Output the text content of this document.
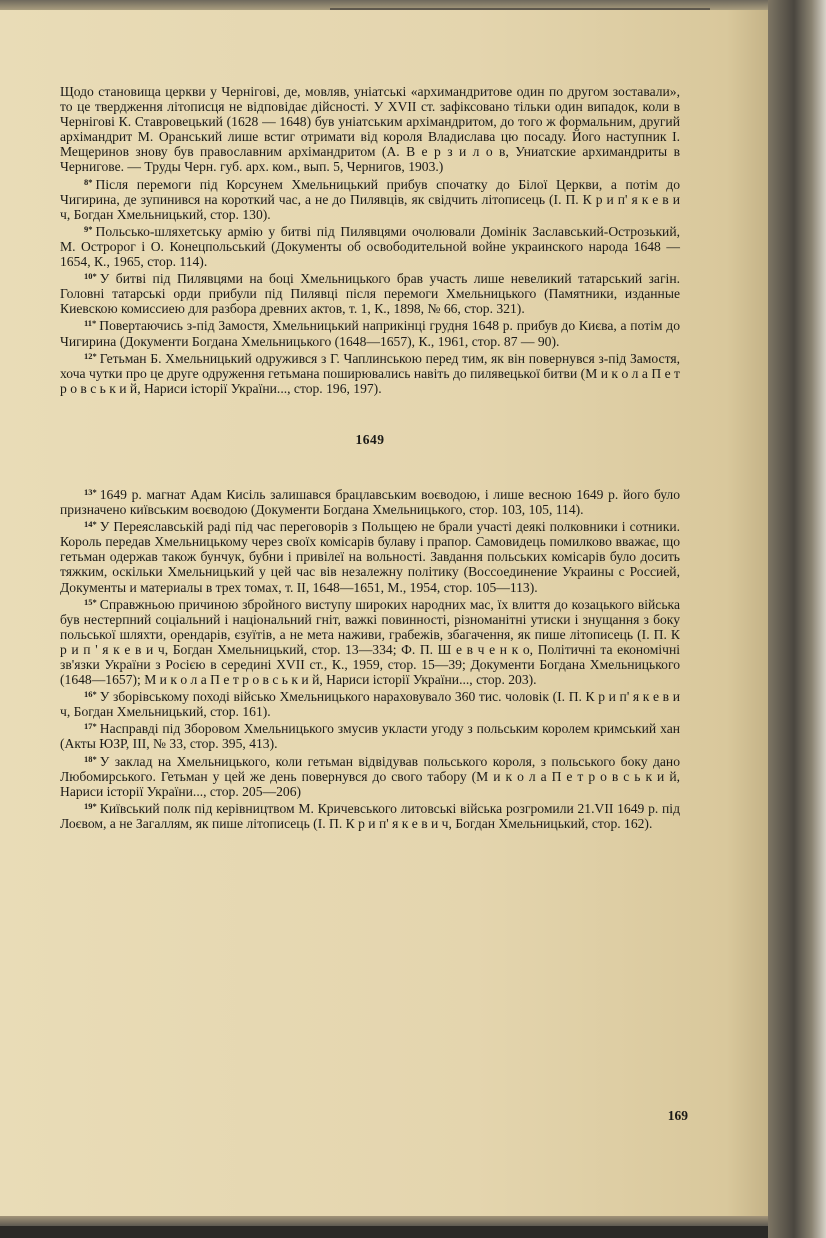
Щодо становища церкви у Чернігові, де, мовляв, уніатські «архимандритове один по другом зоставали», то це твердження літописця не відповідає дійсності. У XVII ст. зафіксовано тільки один випадок, коли в Чернігові К. Ставровецький (1628 — 1648) був уніатським архімандритом, до того ж формальним, другий архімандрит М. Оранський лише встиг отримати від короля Владислава цю посаду. Його наступник І. Мещеринов знову був православним архімандритом (А. В е р з и л о в, Униатские архимандриты в Чернигове. — Труды Черн. губ. арх. ком., вып. 5, Чернигов, 1903.)

$^{8*}$ Після перемоги під Корсунем Хмельницький прибув спочатку до Білої Церкви, а потім до Чигирина, де зупинився на короткий час, а не до Пилявців, як свідчить літописець (І. П. К р и п' я к е в и ч, Богдан Хмельницький, стор. 130).

$^{9*}$ Польсько-шляхетську армію у битві під Пилявцями очолювали Домінік Заславський-Острозький, М. Остророг і О. Конецпольський (Документы об освободительной войне украинского народа 1648 — 1654, К., 1965, стор. 114).

$^{10*}$ У битві під Пилявцями на боці Хмельницького брав участь лише невеликий татарський загін. Головні татарські орди прибули під Пилявці після перемоги Хмельницького (Памятники, изданные Киевскою комиссиею для разбора древних актов, т. 1, К., 1898, № 66, стор. 321).

$^{11*}$ Повертаючись з-під Замостя, Хмельницький наприкінці грудня 1648 р. прибув до Києва, а потім до Чигирина (Документи Богдана Хмельницького (1648—1657), К., 1961, стор. 87 — 90).

$^{12*}$ Гетьман Б. Хмельницький одружився з Г. Чаплинською перед тим, як він повернувся з-під Замостя, хоча чутки про це друге одруження гетьмана поширювались навіть до пилявецької битви (М и к о л а П е т р о в с ь к и й, Нариси історії України..., стор. 196, 197).

1649

$^{13*}$ 1649 р. магнат Адам Кисіль залишався брацлавським воєводою, і лише весною 1649 р. його було призначено київським воєводою (Документи Богдана Хмельницького, стор. 103, 105, 114).

$^{14*}$ У Переяславській раді під час переговорів з Польщею не брали участі деякі полковники і сотники. Король передав Хмельницькому через своїх комісарів булаву і прапор. Самовидець помилково вважає, що гетьман одержав також бунчук, бубни і привілеї на вольності. Завдання польських комісарів було досить тяжким, оскільки Хмельницький у цей час вів незалежну політику (Воссоединение Украины с Россией, Документы и материалы в трех томах, т. ІІ, 1648—1651, М., 1954, стор. 105—113).

$^{15*}$ Справжньою причиною збройного виступу широких народних мас, їх влиття до козацького війська був нестерпний соціальний і національний гніт, важкі повинності, різноманітні утиски і знущання з боку польської шляхти, орендарів, єзуїтів, а не мета наживи, грабежів, збагачення, як пише літописець (І. П. К р и п ' я к е в и ч, Богдан Хмельницький, стор. 13—334; Ф. П. Ш е в ч е н к о, Політичні та економічні зв'язки України з Росією в середині XVII ст., К., 1959, стор. 15—39; Документи Богдана Хмельницького (1648—1657); М и к о л а П е т р о в с ь к и й, Нариси історії України..., стор. 203).

$^{16*}$ У зборівському поході військо Хмельницького нараховувало 360 тис. чоловік (І. П. К р и п' я к е в и ч, Богдан Хмельницький, стор. 161).

$^{17*}$ Насправді під Зборовом Хмельницького змусив укласти угоду з польським королем кримський хан (Акты ЮЗР, III, № 33, стор. 395, 413).

$^{18*}$ У заклад на Хмельницького, коли гетьман відвідував польського короля, з польського боку дано Любомирського. Гетьман у цей же день повернувся до свого табору (М и к о л а П е т р о в с ь к и й, Нариси історії України..., стор. 205—206)

$^{19*}$ Київський полк під керівництвом М. Кричевського литовські війська розгромили 21.VII 1649 р. під Лоєвом, а не Загаллям, як пише літописець (І. П. К р и п' я к е в и ч, Богдан Хмельницький, стор. 162).

169
